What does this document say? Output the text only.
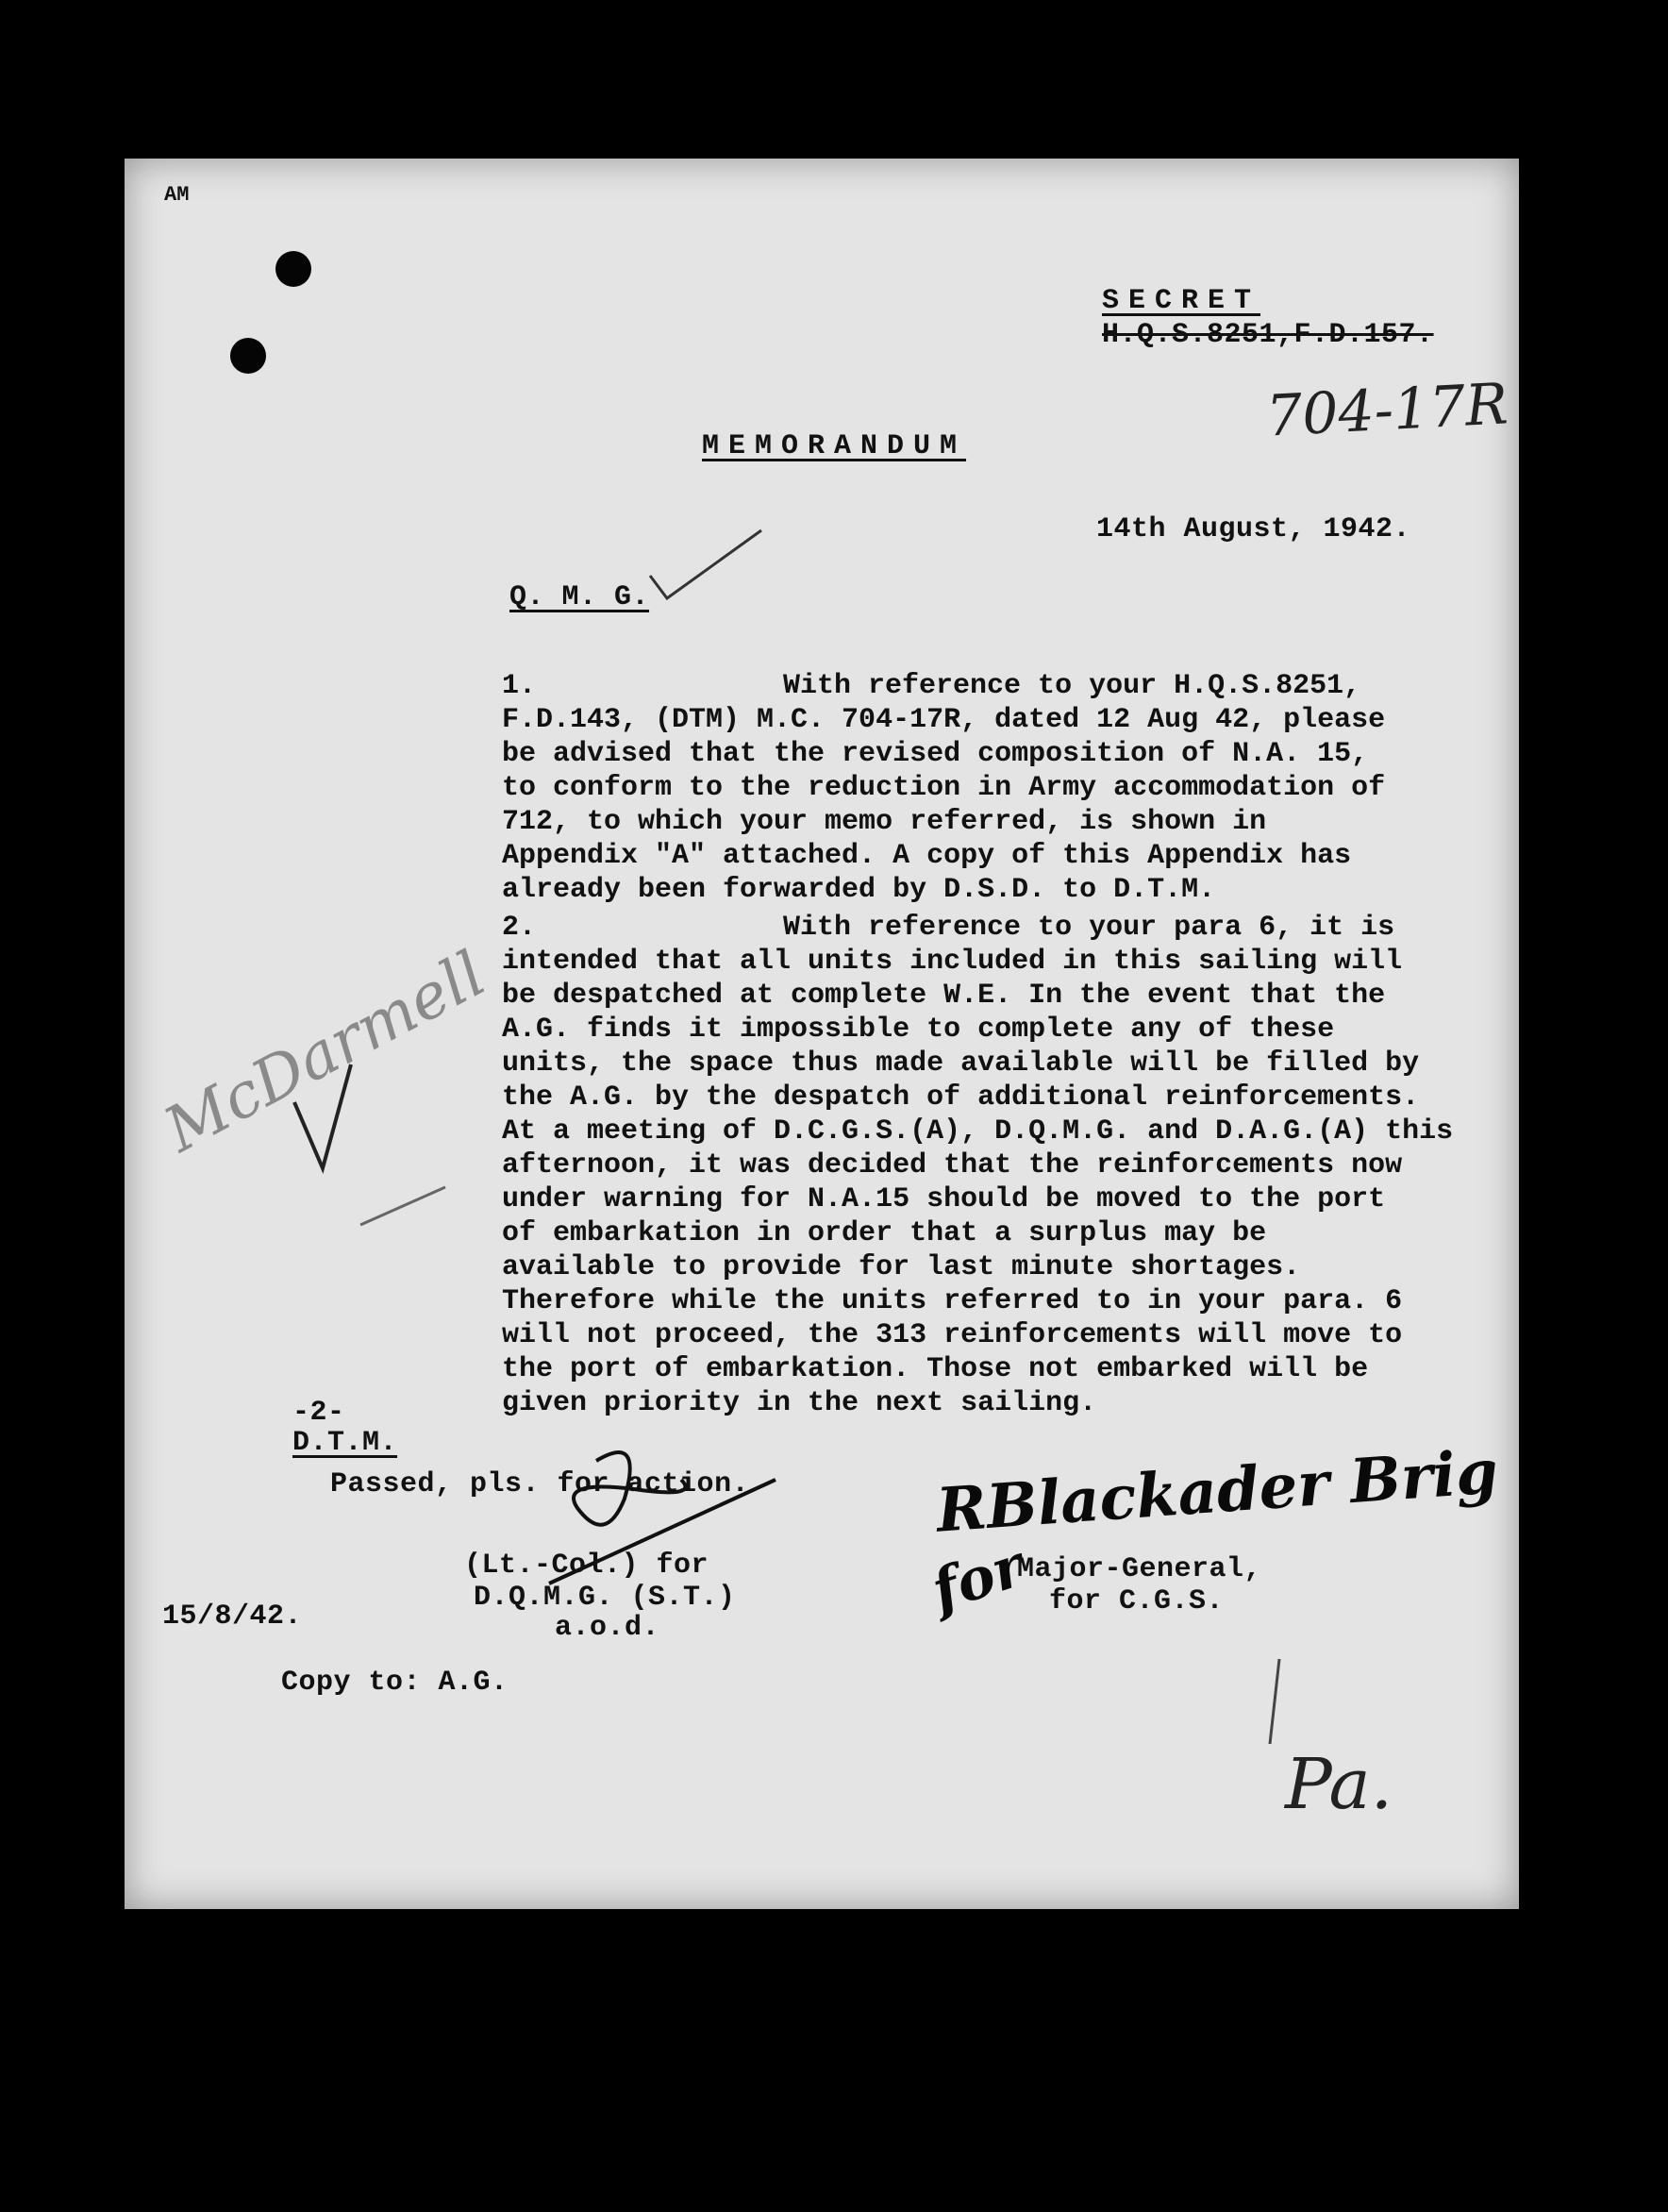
AM
SECRET
H.Q.S.8251,F.D.157.
704-17R
MEMORANDUM
14th August, 1942.
Q. M. G.
1.	With reference to your H.Q.S.8251,
F.D.143, (DTM) M.C. 704-17R, dated 12 Aug 42, please
be advised that the revised composition of N.A. 15,
to conform to the reduction in Army accommodation of
712, to which your memo referred, is shown in
Appendix "A" attached. A copy of this Appendix has
already been forwarded by D.S.D. to D.T.M.
2.	With reference to your para 6, it is
intended that all units included in this sailing will
be despatched at complete W.E. In the event that the
A.G. finds it impossible to complete any of these
units, the space thus made available will be filled by
the A.G. by the despatch of additional reinforcements.
At a meeting of D.C.G.S.(A), D.Q.M.G. and D.A.G.(A) this
afternoon, it was decided that the reinforcements now
under warning for N.A.15 should be moved to the port
of embarkation in order that a surplus may be
available to provide for last minute shortages.
Therefore while the units referred to in your para. 6
will not proceed, the 313 reinforcements will move to
the port of embarkation. Those not embarked will be
given priority in the next sailing.
McDarmell
-2-
D.T.M.
Passed, pls. for action.
(Lt.-Col.) for
D.Q.M.G. (S.T.)
a.o.d.
15/8/42.
RBlackader Brig
for
Major-General,
for C.G.S.
Copy to: A.G.
Pa.
